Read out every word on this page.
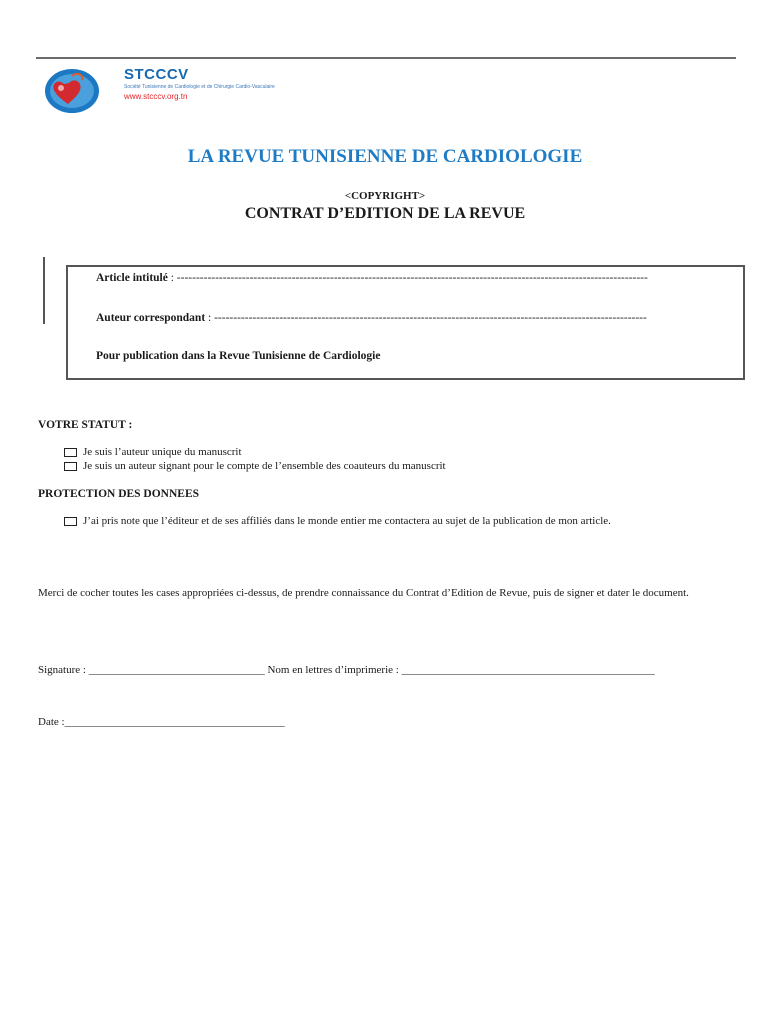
STCCCV
Société Tunisienne de Cardiologie et de Chirurgie Cardio-Vasculaire
www.stcccv.org.tn
LA REVUE TUNISIENNE DE CARDIOLOGIE
<COPYRIGHT>
CONTRAT D’EDITION DE LA REVUE
Article intitulé : ---------------------------------------------------------------------------------------------------------------------------
Auteur correspondant : -----------------------------------------------------------------------------------------------------------------
Pour publication dans la Revue Tunisienne de Cardiologie
VOTRE STATUT :
Je suis l’auteur unique du manuscrit
Je suis un auteur signant pour le compte de l’ensemble des coauteurs du manuscrit
PROTECTION DES DONNEES
J’ai pris note que l’éditeur et de ses affiliés dans le monde entier me contactera au sujet de la publication de mon article.
Merci de cocher toutes les cases appropriées ci-dessus, de prendre connaissance du Contrat d’Edition de Revue, puis de signer et dater le document.
Signature : ________________________________ Nom en lettres d’imprimerie : ______________________________________________
Date :________________________________________
